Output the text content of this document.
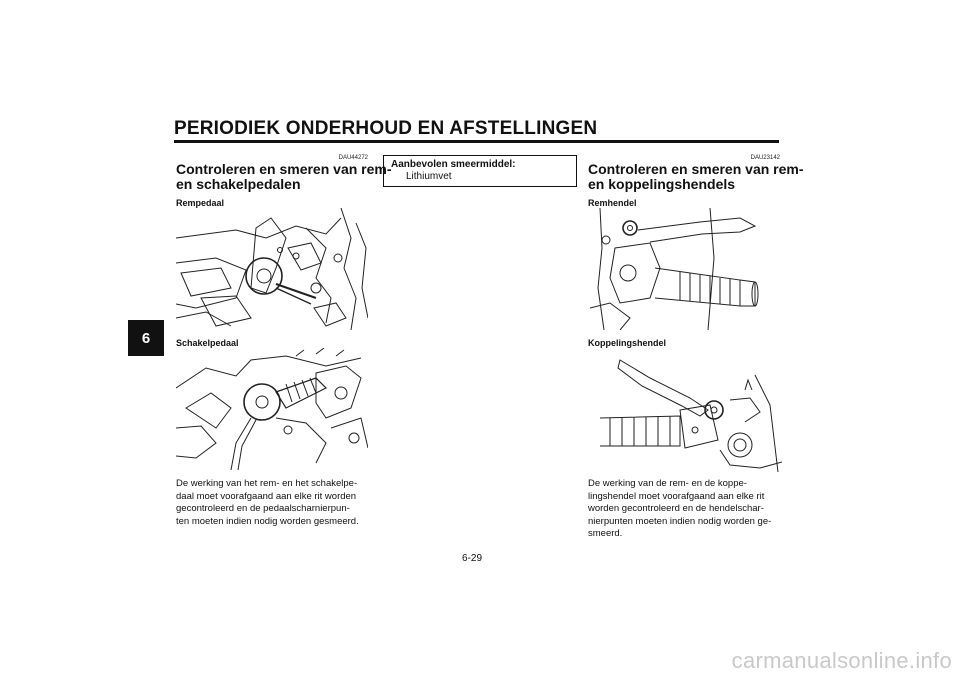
PERIODIEK ONDERHOUD EN AFSTELLINGEN
6
DAU44272
Controleren en smeren van rem-
en schakelpedalen
Rempedaal
Schakelpedaal
De werking van het rem- en het schakelpe-
daal moet voorafgaand aan elke rit worden
gecontroleerd en de pedaalscharnierpun-
ten moeten indien nodig worden gesmeerd.
Aanbevolen smeermiddel:
Lithiumvet
DAU23142
Controleren en smeren van rem-
en koppelingshendels
Remhendel
Koppelingshendel
De werking van de rem- en de koppe-
lingshendel moet voorafgaand aan elke rit
worden gecontroleerd en de hendelschar-
nierpunten moeten indien nodig worden ge-
smeerd.
6-29
carmanualsonline.info
